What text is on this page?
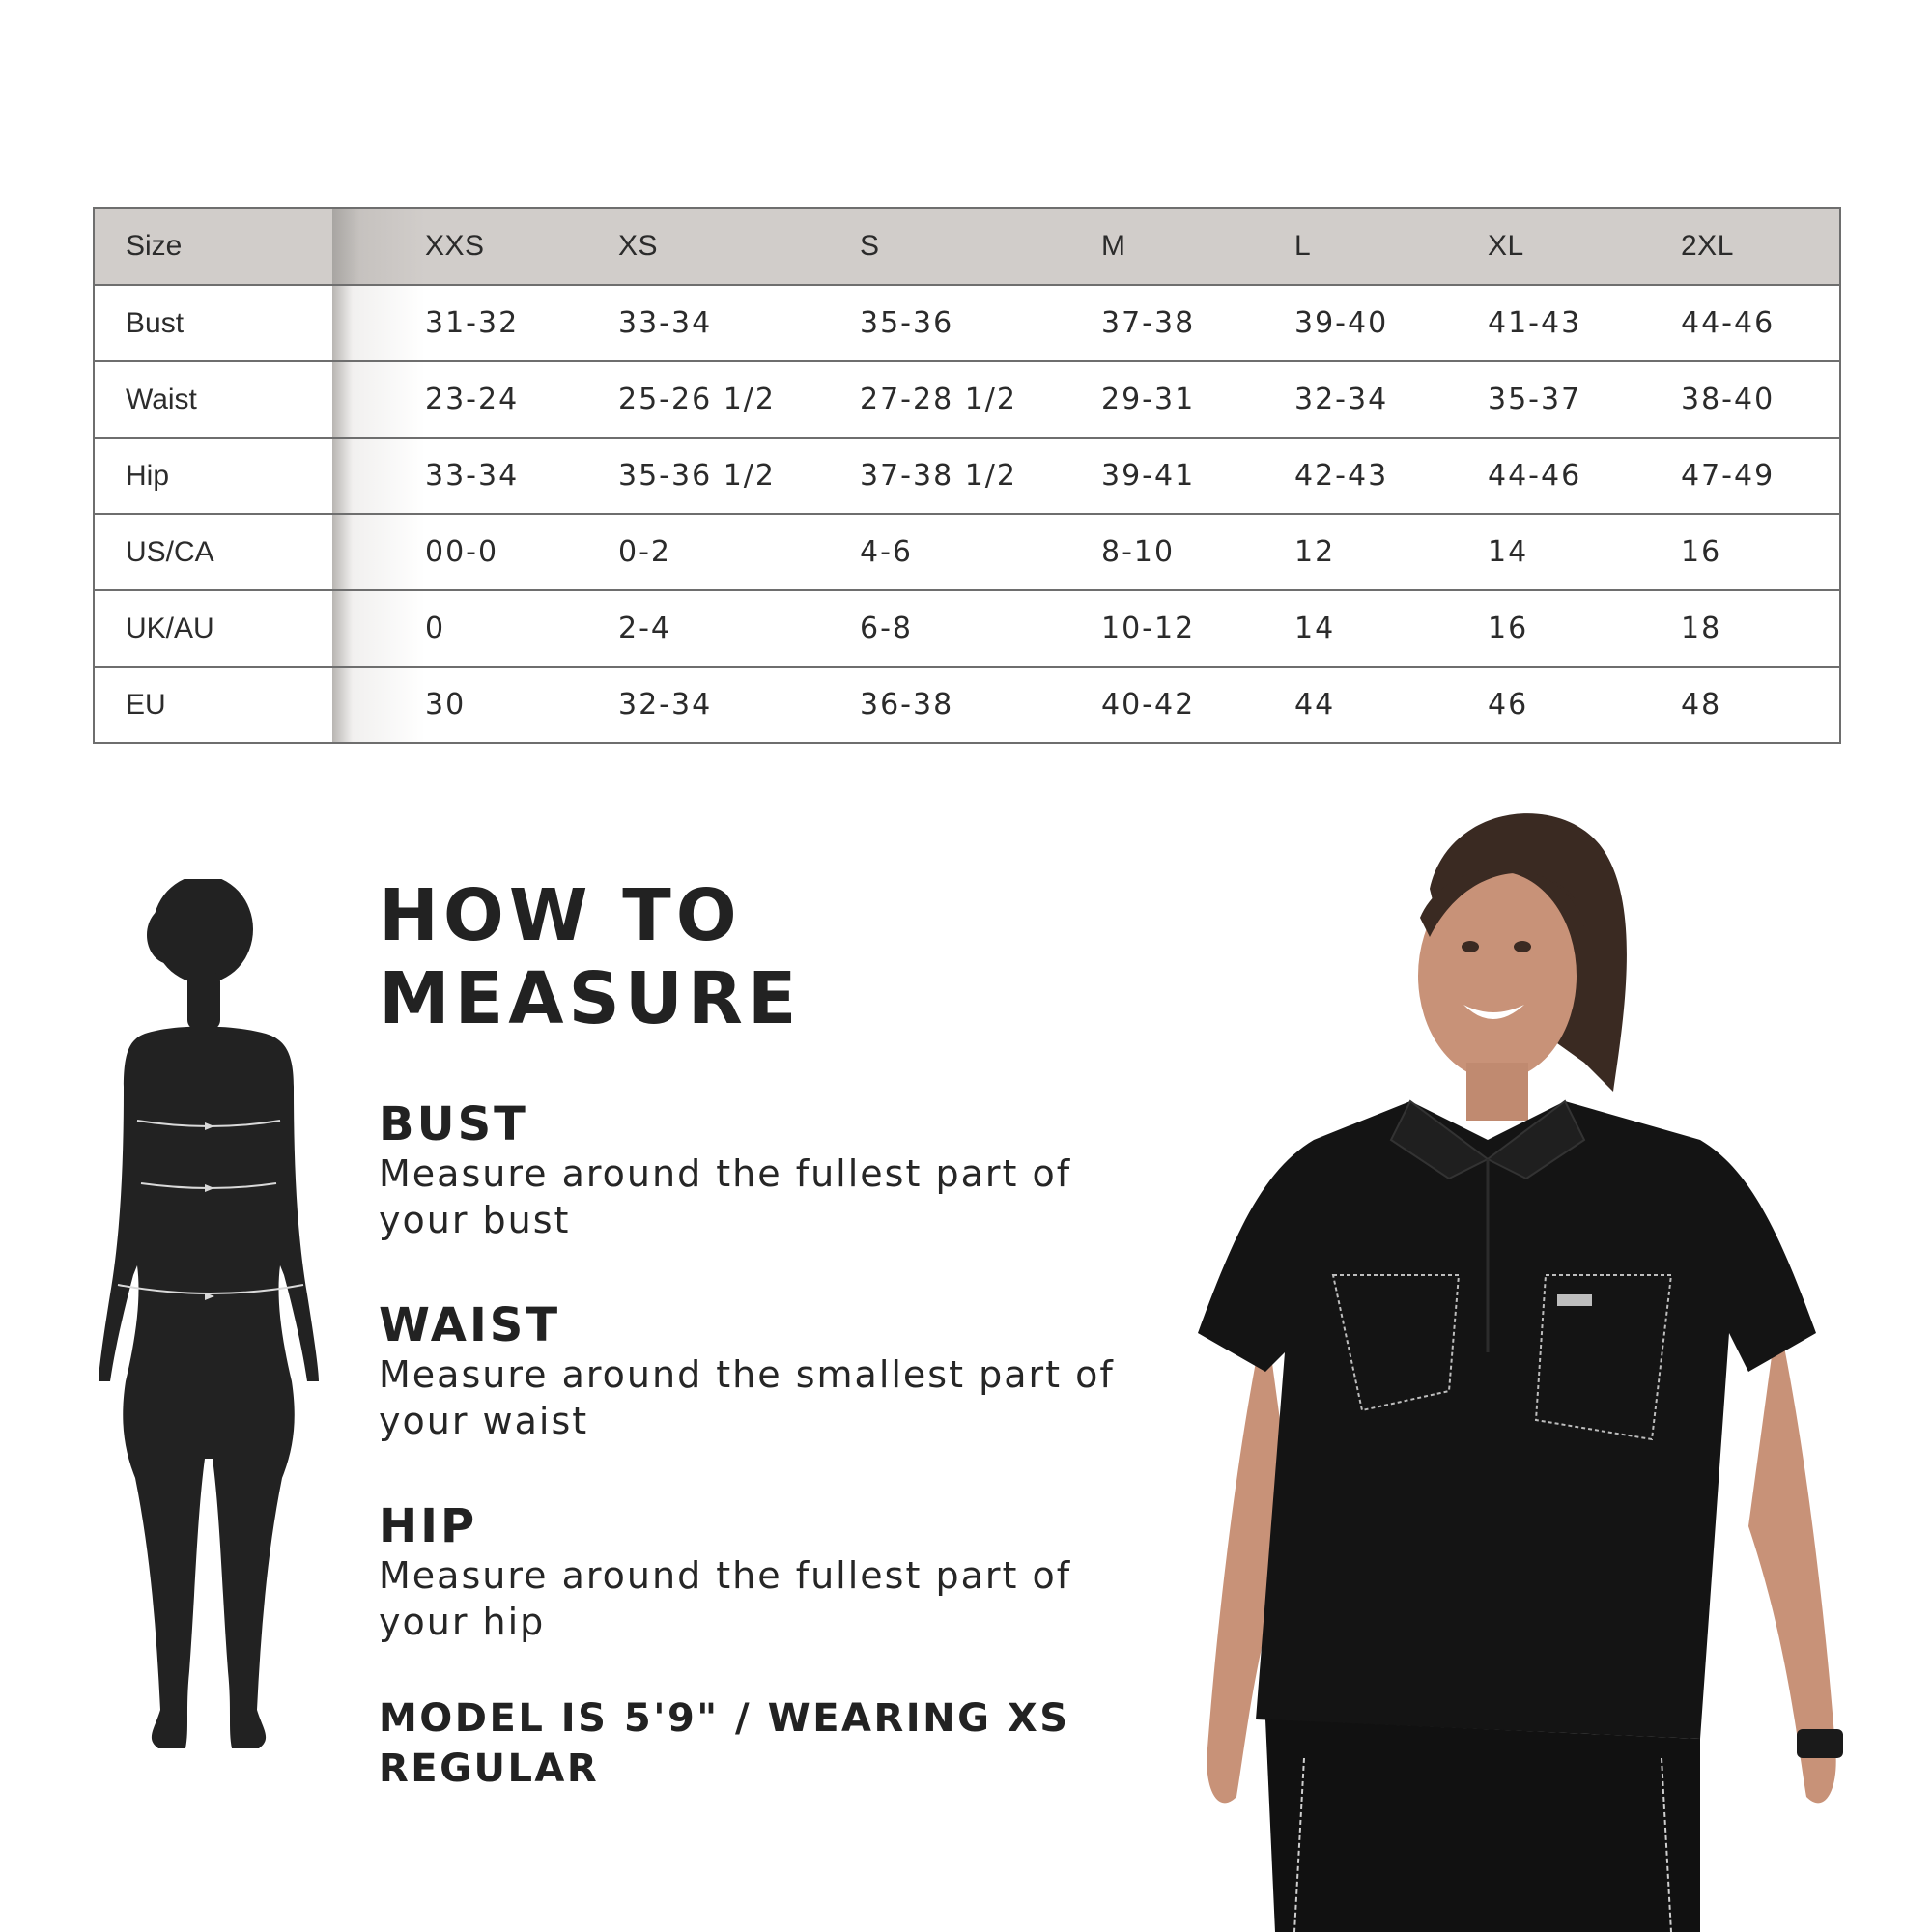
Size	XXS	XS	S	M	L	XL	2XL
Bust	31-32	33-34	35-36	37-38	39-40	41-43	44-46
Waist	23-24	25-26 1/2	27-28 1/2	29-31	32-34	35-37	38-40
Hip	33-34	35-36 1/2	37-38 1/2	39-41	42-43	44-46	47-49
US/CA	00-0	0-2	4-6	8-10	12	14	16
UK/AU	0	2-4	6-8	10-12	14	16	18
EU	30	32-34	36-38	40-42	44	46	48
HOW TO MEASURE
BUST
Measure around the fullest part of your bust
WAIST
Measure around the smallest part of your waist
HIP
Measure around the fullest part of your hip
MODEL IS 5'9" / WEARING XS REGULAR
